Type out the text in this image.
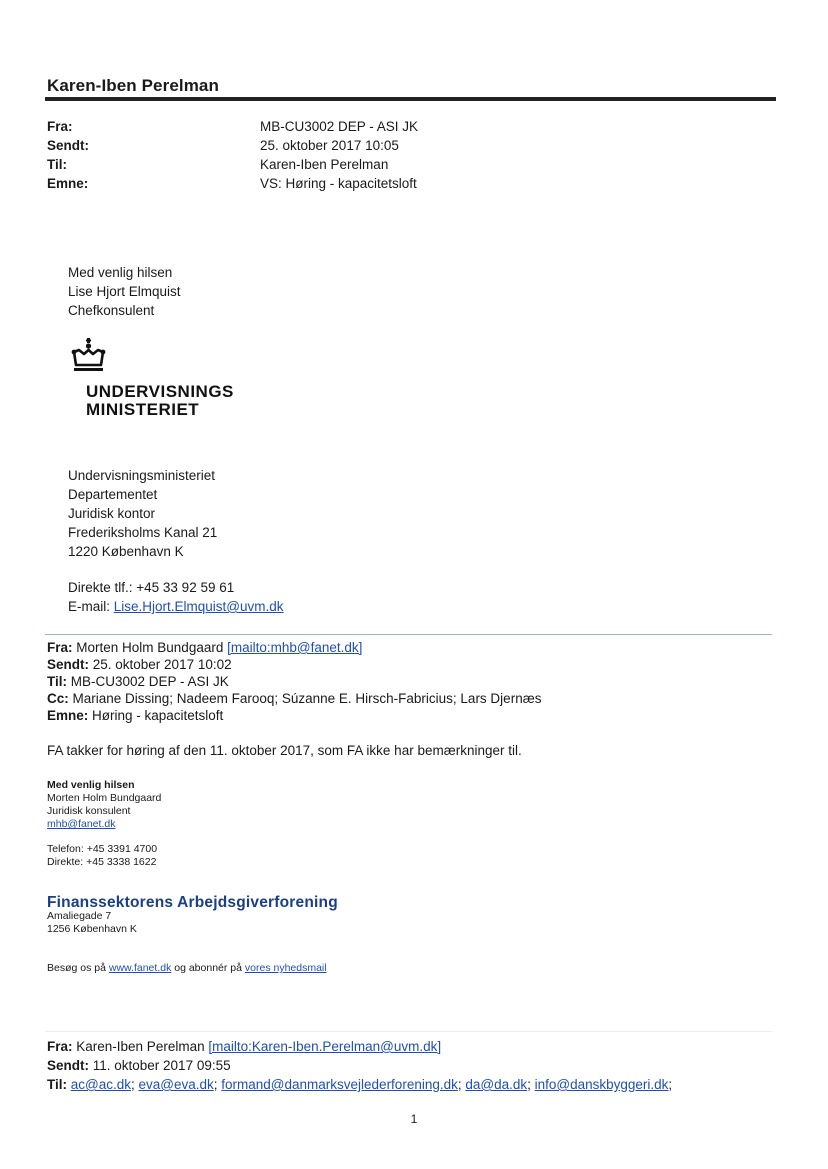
Karen-Iben Perelman
Fra:
Sendt:
Til:
Emne:
MB-CU3002 DEP - ASI JK
25. oktober 2017 10:05
Karen-Iben Perelman
VS: Høring - kapacitetsloft
Med venlig hilsen
Lise Hjort Elmquist
Chefkonsulent
UNDERVISNINGS
MINISTERIET
Undervisningsministeriet
Departementet
Juridisk kontor
Frederiksholms Kanal 21
1220 København K
Direkte tlf.: +45 33 92 59 61
E-mail: Lise.Hjort.Elmquist@uvm.dk
Fra: Morten Holm Bundgaard [mailto:mhb@fanet.dk]
Sendt: 25. oktober 2017 10:02
Til: MB-CU3002 DEP - ASI JK
Cc: Mariane Dissing; Nadeem Farooq; Súzanne E. Hirsch-Fabricius; Lars Djernæs
Emne: Høring - kapacitetsloft
FA takker for høring af den 11. oktober 2017, som FA ikke har bemærkninger til.
Med venlig hilsen
Morten Holm Bundgaard
Juridisk konsulent
mhb@fanet.dk
Telefon: +45 3391 4700
Direkte: +45 3338 1622
Finanssektorens Arbejdsgiverforening
Amaliegade 7
1256 København K
Besøg os på www.fanet.dk og abonnér på vores nyhedsmail
Fra: Karen-Iben Perelman [mailto:Karen-Iben.Perelman@uvm.dk]
Sendt: 11. oktober 2017 09:55
Til: ac@ac.dk; eva@eva.dk; formand@danmarksvejlederforening.dk; da@da.dk; info@danskbyggeri.dk;
1
